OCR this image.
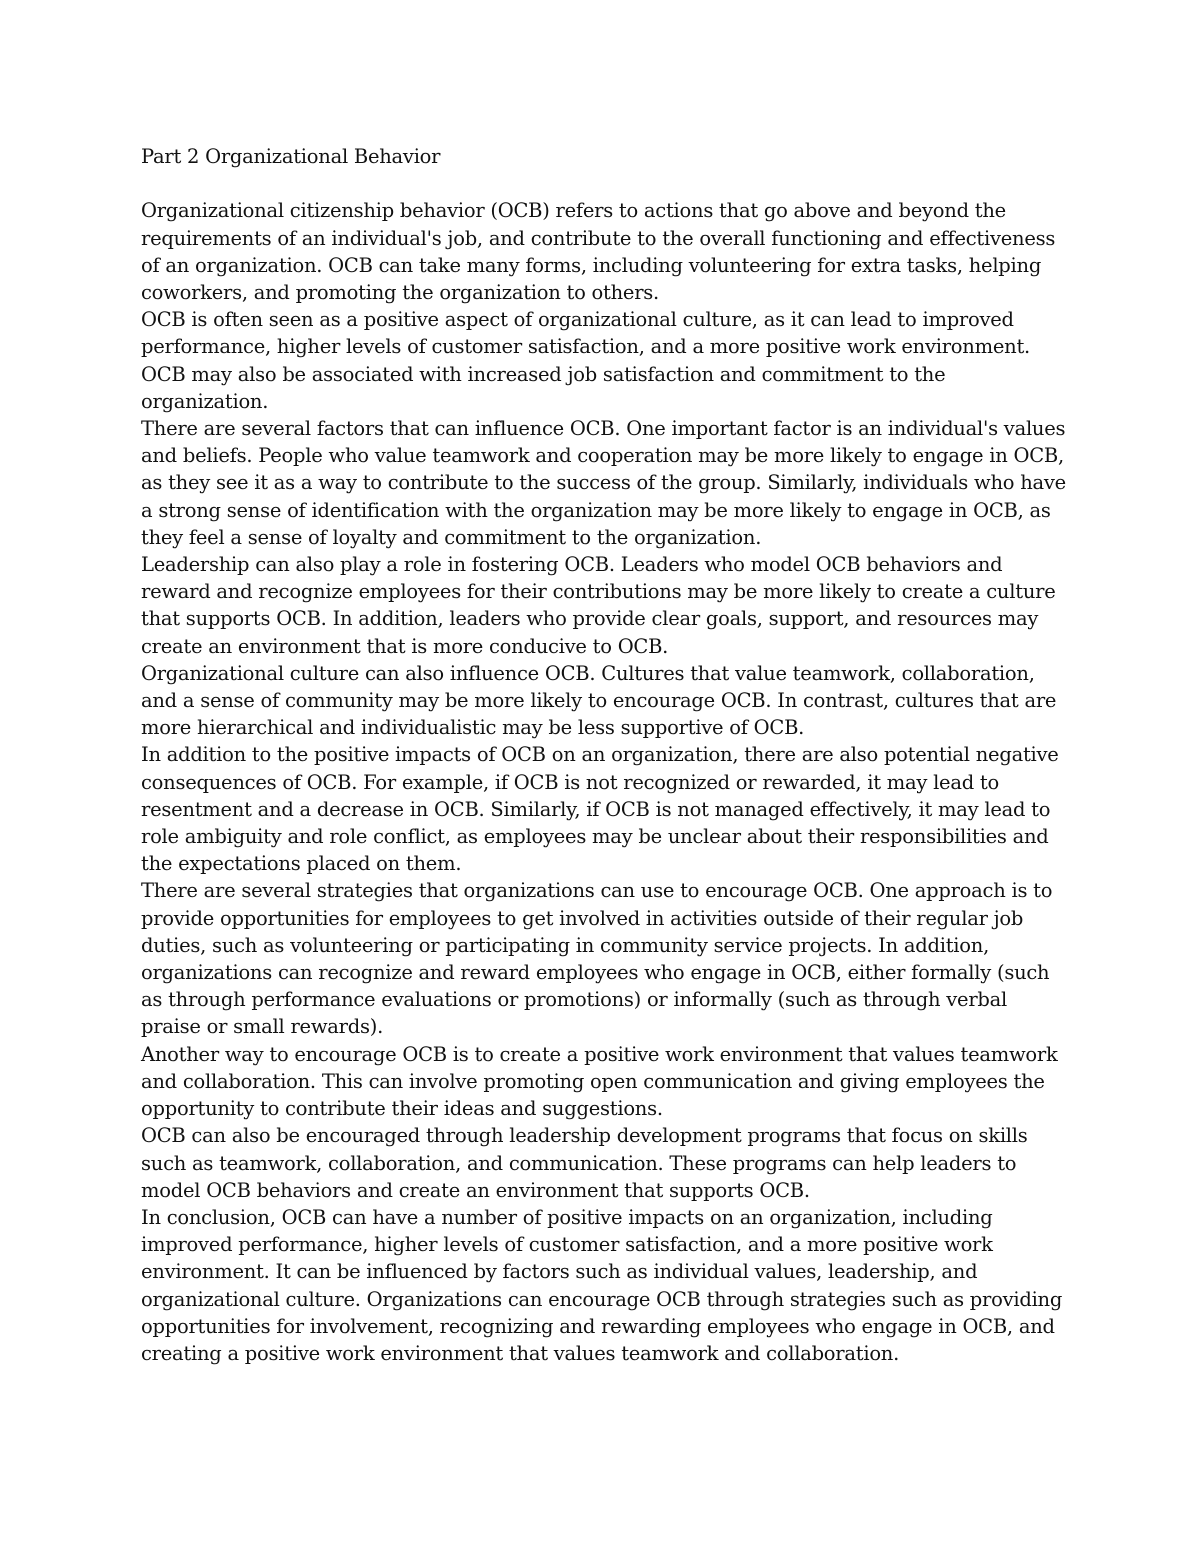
Part 2 Organizational Behavior

Organizational citizenship behavior (OCB) refers to actions that go above and beyond the requirements of an individual's job, and contribute to the overall functioning and effectiveness of an organization. OCB can take many forms, including volunteering for extra tasks, helping coworkers, and promoting the organization to others.

OCB is often seen as a positive aspect of organizational culture, as it can lead to improved performance, higher levels of customer satisfaction, and a more positive work environment. OCB may also be associated with increased job satisfaction and commitment to the organization.

There are several factors that can influence OCB. One important factor is an individual's values and beliefs. People who value teamwork and cooperation may be more likely to engage in OCB, as they see it as a way to contribute to the success of the group. Similarly, individuals who have a strong sense of identification with the organization may be more likely to engage in OCB, as they feel a sense of loyalty and commitment to the organization.

Leadership can also play a role in fostering OCB. Leaders who model OCB behaviors and reward and recognize employees for their contributions may be more likely to create a culture that supports OCB. In addition, leaders who provide clear goals, support, and resources may create an environment that is more conducive to OCB.

Organizational culture can also influence OCB. Cultures that value teamwork, collaboration, and a sense of community may be more likely to encourage OCB. In contrast, cultures that are more hierarchical and individualistic may be less supportive of OCB.

In addition to the positive impacts of OCB on an organization, there are also potential negative consequences of OCB. For example, if OCB is not recognized or rewarded, it may lead to resentment and a decrease in OCB. Similarly, if OCB is not managed effectively, it may lead to role ambiguity and role conflict, as employees may be unclear about their responsibilities and the expectations placed on them.

There are several strategies that organizations can use to encourage OCB. One approach is to provide opportunities for employees to get involved in activities outside of their regular job duties, such as volunteering or participating in community service projects. In addition, organizations can recognize and reward employees who engage in OCB, either formally (such as through performance evaluations or promotions) or informally (such as through verbal praise or small rewards).

Another way to encourage OCB is to create a positive work environment that values teamwork and collaboration. This can involve promoting open communication and giving employees the opportunity to contribute their ideas and suggestions.

OCB can also be encouraged through leadership development programs that focus on skills such as teamwork, collaboration, and communication. These programs can help leaders to model OCB behaviors and create an environment that supports OCB.

In conclusion, OCB can have a number of positive impacts on an organization, including improved performance, higher levels of customer satisfaction, and a more positive work environment. It can be influenced by factors such as individual values, leadership, and organizational culture. Organizations can encourage OCB through strategies such as providing opportunities for involvement, recognizing and rewarding employees who engage in OCB, and creating a positive work environment that values teamwork and collaboration.
